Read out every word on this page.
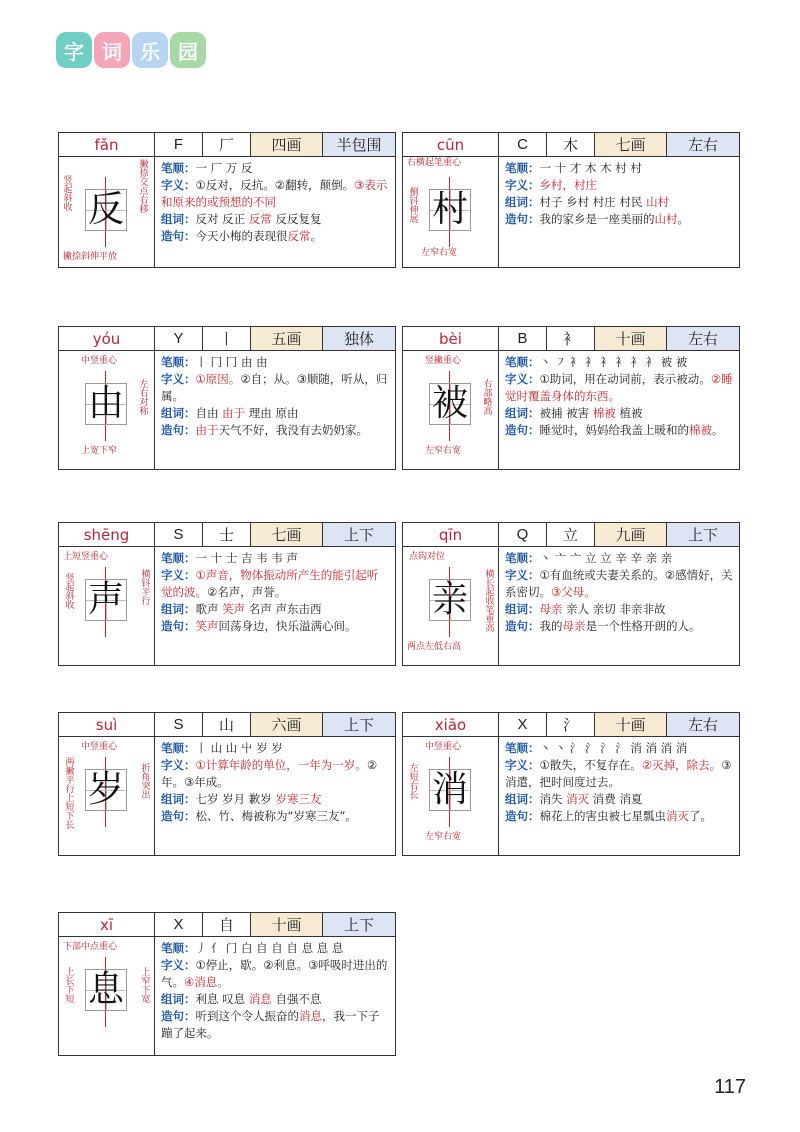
字 词 乐 园
fǎn	F	厂	四画	半包围
反
竖起斜收	撇捺交点右移
撇捺斜伸平放
笔顺：一 厂 万 反
字义：①反对，反抗。②翻转，颠倒。③表示和原来的或预想的不同
组词：反对 反正 反常 反反复复
造句：今天小梅的表现很反常。
cūn	C	木	七画	左右
村
右横起笔重心
捌钭伸展
左窄右宽
笔顺：一 十 才 木 木 村 村
字义：乡村，村庄
组词：村子 乡村 村庄 村民 山村
造句：我的家乡是一座美丽的山村。
yóu	Y	丨	五画	独体
由
中竖重心
左右对称
上宽下窄
笔顺：丨 冂 冂 由 由
字义：①原因。②自；从。③顺随，听从，归属。
组词：自由 由于 理由 原由
造句：由于天气不好，我没有去奶奶家。
bèi	B	衤	十画	左右
被
竖撇重心
右部略高
左窄右宽
笔顺：丶 ㇇ 衤 衤 衤 衤 衤 衤 被 被
字义：①助词，用在动词前，表示被动。②睡觉时覆盖身体的东西。
组词：被捕 被害 棉被 植被
造句：睡觉时，妈妈给我盖上暖和的棉被。
shēng	S	士	七画	上下
声
上短竖重心
竖起斜收	横钭平行
笔顺：一 十 士 吉 韦 韦 声
字义：①声音，物体振动所产生的能引起听觉的波。②名声，声誉。
组词：歌声 笑声 名声 声东击西
造句：笑声回荡身边，快乐溢满心间。
qīn	Q	立	九画	上下
亲
点钩对位
横长起收笔重高
两点左低右高
笔顺：丶 亠 亠 立 立 辛 辛 亲 亲
字义：①有血统或夫妻关系的。②感情好，关系密切。③父母。
组词：母亲 亲人 亲切 非亲非故
造句：我的母亲是一个性格开朗的人。
suì	S	山	六画	上下
岁
中竖重心
两撇平行上短下长	折角突出
笔顺：丨 山 山 屮 岁 岁
字义：①计算年龄的单位，一年为一岁。②年。③年成。
组词：七岁 岁月 歉岁 岁寒三友
造句：松、竹、梅被称为“岁寒三友”。
xiāo	X	氵	十画	左右
消
中竖重心
左短右长
左窄右宽
笔顺：丶 丶 氵 氵 氵 氵 消 消 消 消
字义：①散失，不复存在。②灭掉，除去。③消遣，把时间度过去。
组词：消失 消灭 消费 消夏
造句：棉花上的害虫被七星瓢虫消灭了。
xī	X	自	十画	上下
息
下部中点重心
上长下短	上窄下宽
笔顺：丿 亻 门 白 自 自 自 息 息 息
字义：①停止，歇。②利息。③呼吸时进出的气。④消息。
组词：利息 叹息 消息 自强不息
造句：听到这个令人振奋的消息，我一下子蹦了起来。
117
